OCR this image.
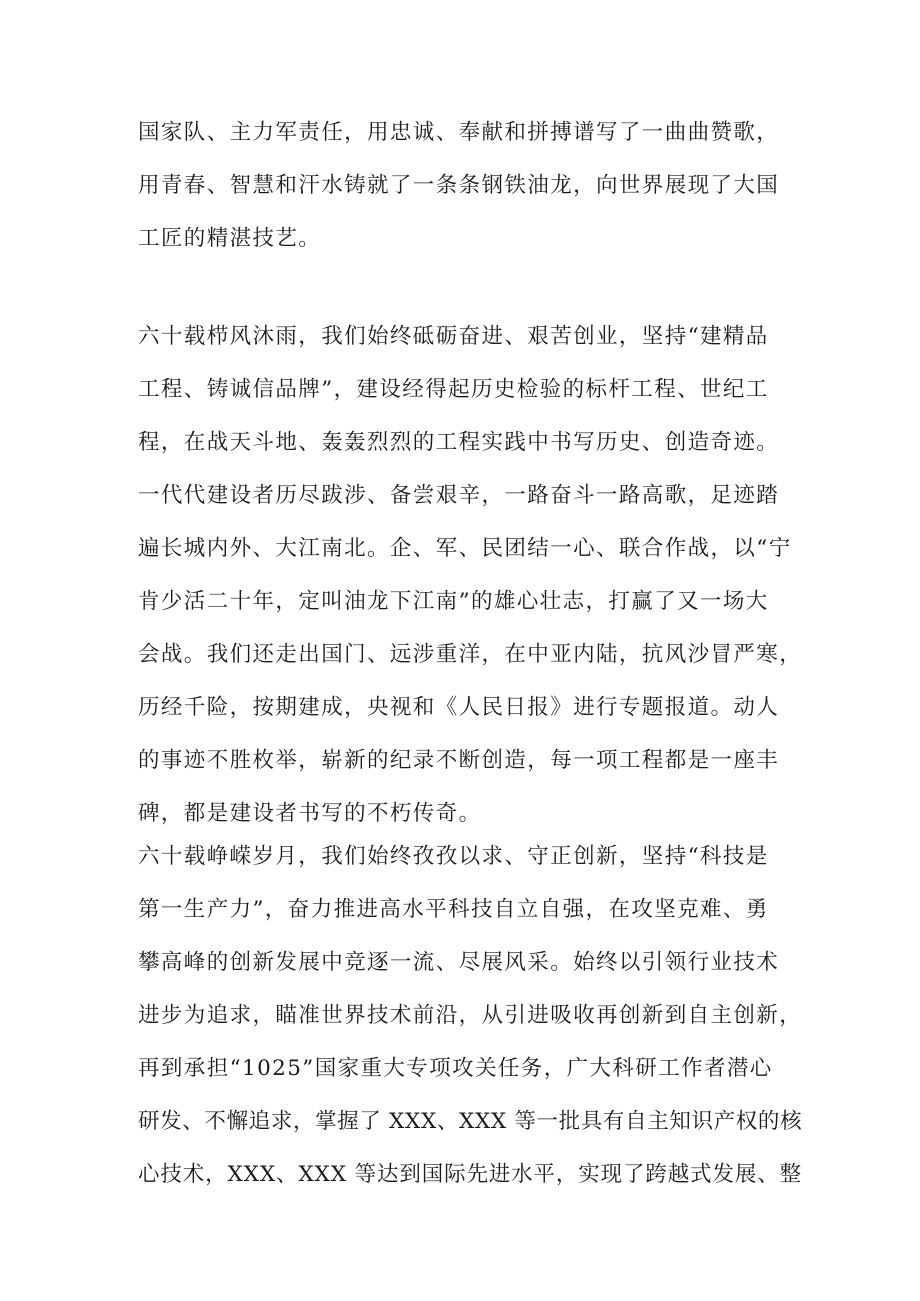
国家队、主力军责任，用忠诚、奉献和拼搏谱写了一曲曲赞歌，
用青春、智慧和汗水铸就了一条条钢铁油龙，向世界展现了大国
工匠的精湛技艺。
六十载栉风沐雨，我们始终砥砺奋进、艰苦创业，坚持“建精品
工程、铸诚信品牌”，建设经得起历史检验的标杆工程、世纪工
程，在战天斗地、轰轰烈烈的工程实践中书写历史、创造奇迹。
一代代建设者历尽跋涉、备尝艰辛，一路奋斗一路高歌，足迹踏
遍长城内外、大江南北。企、军、民团结一心、联合作战，以“宁
肯少活二十年，定叫油龙下江南”的雄心壮志，打赢了又一场大
会战。我们还走出国门、远涉重洋，在中亚内陆，抗风沙冒严寒，
历经千险，按期建成，央视和《人民日报》进行专题报道。动人
的事迹不胜枚举，崭新的纪录不断创造，每一项工程都是一座丰
碑，都是建设者书写的不朽传奇。
六十载峥嵘岁月，我们始终孜孜以求、守正创新，坚持“科技是
第一生产力”，奋力推进高水平科技自立自强，在攻坚克难、勇
攀高峰的创新发展中竞逐一流、尽展风采。始终以引领行业技术
进步为追求，瞄准世界技术前沿，从引进吸收再创新到自主创新，
再到承担“1025”国家重大专项攻关任务，广大科研工作者潜心
研发、不懈追求，掌握了 XXX、XXX 等一批具有自主知识产权的核
心技术，XXX、XXX 等达到国际先进水平，实现了跨越式发展、整
